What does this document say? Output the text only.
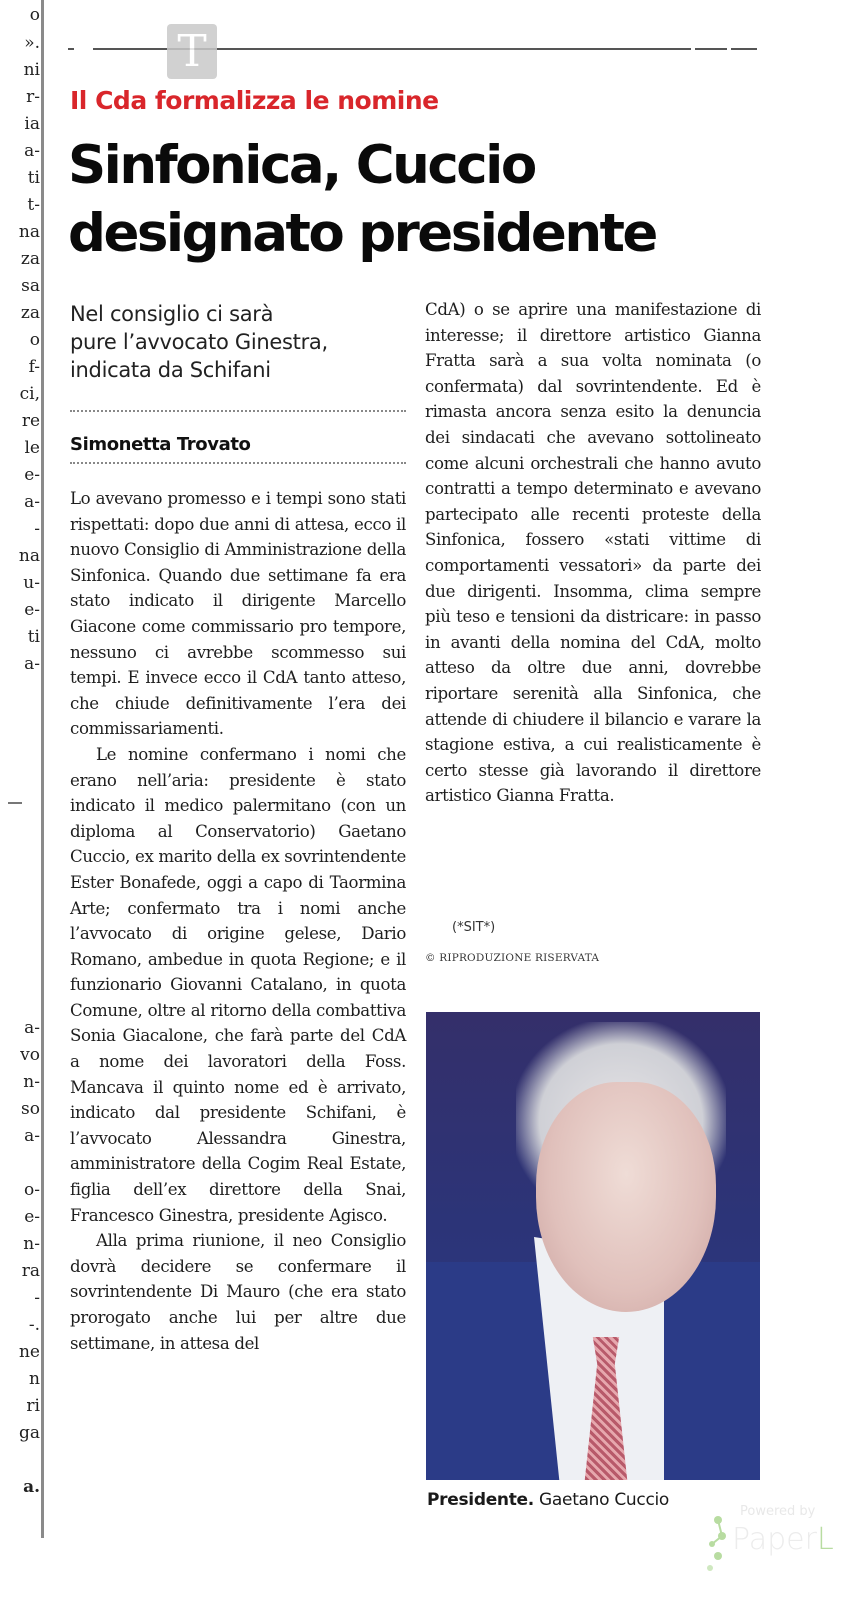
o
».
ni
r-
ia
a-
ti
t-
na
za
sa
za
o
f-
ci,
re
le
e-
a-
-
na
u-
e-
ti
a-
a-
vo
n-
so
a-
o-
e-
n-
ra
-
-.
ne
n
ri
ga
a.
T
Il Cda formalizza le nomine
Sinfonica, Cuccio
designato presidente
Nel consiglio ci sarà
pure l’avvocato Ginestra,
indicata da Schifani
Simonetta Trovato

Lo avevano promesso e i tempi sono stati rispettati: dopo due anni di attesa, ecco il nuovo Consiglio di Amministrazione della Sinfonica. Quando due settimane fa era stato indicato il dirigente Marcello Giacone come commissario pro tempore, nessuno ci avrebbe scommesso sui tempi. E invece ecco il CdA tanto atteso, che chiude definitivamente l’era dei commissariamenti.

Le nomine confermano i nomi che erano nell’aria: presidente è stato indicato il medico palermitano (con un diploma al Conservatorio) Gaetano Cuccio, ex marito della ex sovrintendente Ester Bonafede, oggi a capo di Taormina Arte; confermato tra i nomi anche l’avvocato di origine gelese, Dario Romano, ambedue in quota Regione; e il funzionario Giovanni Catalano, in quota Comune, oltre al ritorno della combattiva Sonia Giacalone, che farà parte del CdA a nome dei lavoratori della Foss. Mancava il quinto nome ed è arrivato, indicato dal presidente Schifani, è l’avvocato Alessandra Ginestra, amministratore della Cogim Real Estate, figlia dell’ex direttore della Snai, Francesco Ginestra, presidente Agisco.

Alla prima riunione, il neo Consiglio dovrà decidere se confermare il sovrintendente Di Mauro (che era stato prorogato anche lui per altre due settimane, in attesa del

CdA) o se aprire una manifestazione di interesse; il direttore artistico Gianna Fratta sarà a sua volta nominata (o confermata) dal sovrintendente. Ed è rimasta ancora senza esito la denuncia dei sindacati che avevano sottolineato come alcuni orchestrali che hanno avuto contratti a tempo determinato e avevano partecipato alle recenti proteste della Sinfonica, fossero «stati vittime di comportamenti vessatori» da parte dei due dirigenti. Insomma, clima sempre più teso e tensioni da districare: in passo in avanti della nomina del CdA, molto atteso da oltre due anni, dovrebbe riportare serenità alla Sinfonica, che attende di chiudere il bilancio e varare la stagione estiva, a cui realisticamente è certo stesse già lavorando il direttore artistico Gianna Fratta.

(*SIT*)
© RIPRODUZIONE RISERVATA
Presidente. Gaetano Cuccio
Powered by
PaperL
